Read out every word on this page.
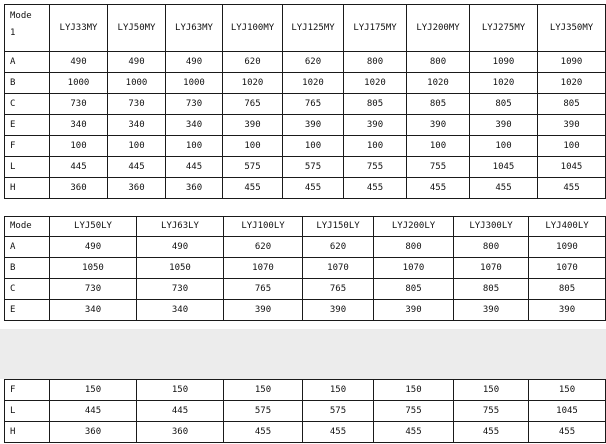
Mode
1	LYJ33MY	LYJ50MY	LYJ63MY	LYJ100MY	LYJ125MY	LYJ175MY	LYJ200MY	LYJ275MY	LYJ350MY
A	490	490	490	620	620	800	800	1090	1090
B	1000	1000	1000	1020	1020	1020	1020	1020	1020
C	730	730	730	765	765	805	805	805	805
E	340	340	340	390	390	390	390	390	390
F	100	100	100	100	100	100	100	100	100
L	445	445	445	575	575	755	755	1045	1045
H	360	360	360	455	455	455	455	455	455
Mode	LYJ50LY	LYJ63LY	LYJ100LY	LYJ150LY	LYJ200LY	LYJ300LY	LYJ400LY
A	490	490	620	620	800	800	1090
B	1050	1050	1070	1070	1070	1070	1070
C	730	730	765	765	805	805	805
E	340	340	390	390	390	390	390
F	150	150	150	150	150	150	150
L	445	445	575	575	755	755	1045
H	360	360	455	455	455	455	455
